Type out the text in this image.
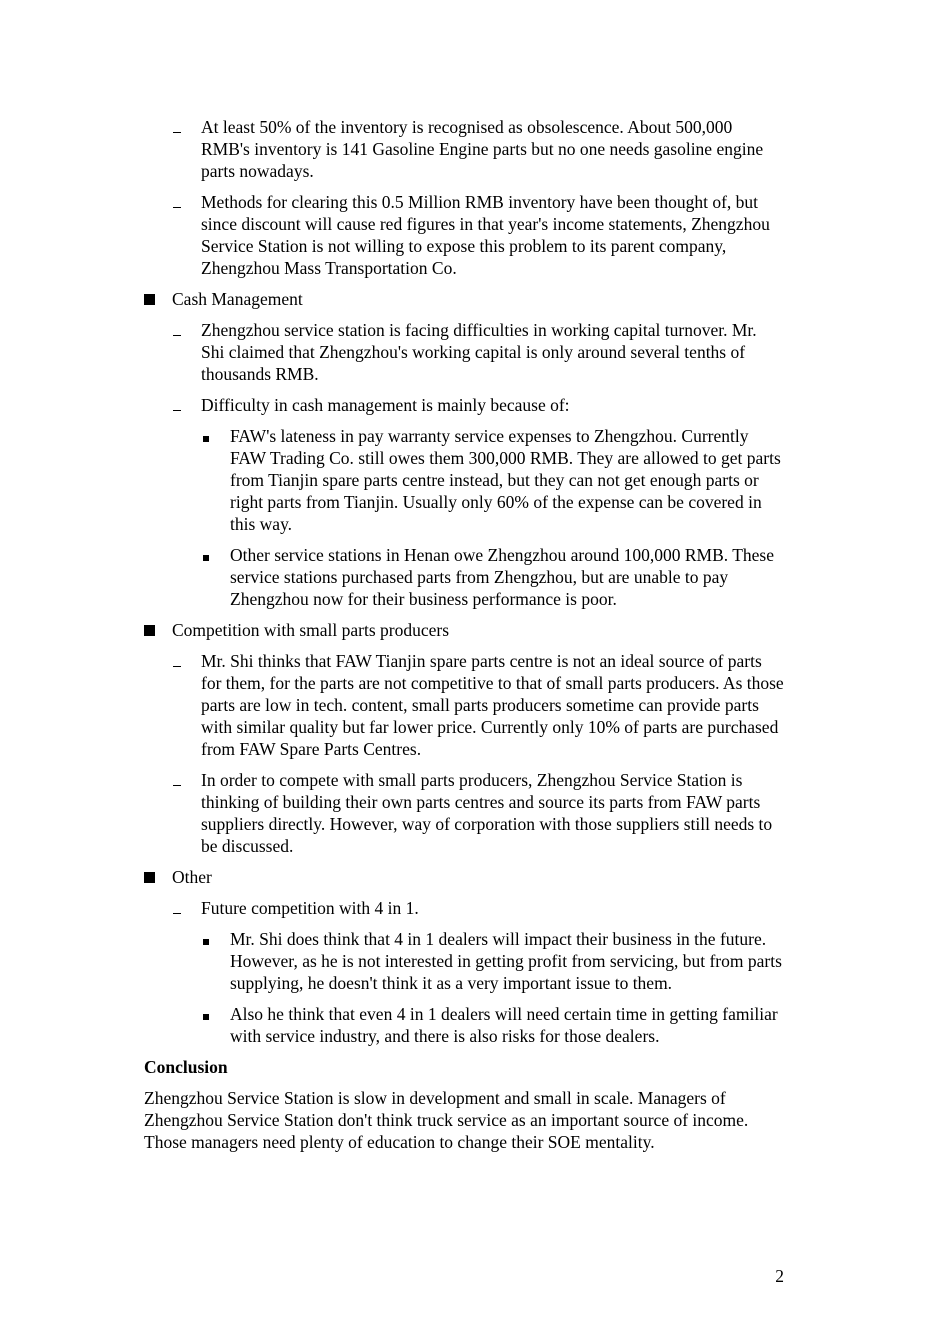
At least 50% of the inventory is recognised as obsolescence. About 500,000 RMB's inventory is 141 Gasoline Engine parts but no one needs gasoline engine parts nowadays.
Methods for clearing this 0.5 Million RMB inventory have been thought of, but since discount will cause red figures in that year's income statements, Zhengzhou Service Station is not willing to expose this problem to its parent company, Zhengzhou Mass Transportation Co.
Cash Management
Zhengzhou service station is facing difficulties in working capital turnover. Mr. Shi claimed that Zhengzhou's working capital is only around several tenths of thousands RMB.
Difficulty in cash management is mainly because of:
FAW's lateness in pay warranty service expenses to Zhengzhou. Currently FAW Trading Co. still owes them 300,000 RMB. They are allowed to get parts from Tianjin spare parts centre instead, but they can not get enough parts or right parts from Tianjin. Usually only 60% of the expense can be covered in this way.
Other service stations in Henan owe Zhengzhou around 100,000 RMB. These service stations purchased parts from Zhengzhou, but are unable to pay Zhengzhou now for their business performance is poor.
Competition with small parts producers
Mr. Shi thinks that FAW Tianjin spare parts centre is not an ideal source of parts for them, for the parts are not competitive to that of small parts producers. As those parts are low in tech. content, small parts producers sometime can provide parts with similar quality but far lower price. Currently only 10% of parts are purchased from FAW Spare Parts Centres.
In order to compete with small parts producers, Zhengzhou Service Station is thinking of building their own parts centres and source its parts from FAW parts suppliers directly. However, way of corporation with those suppliers still needs to be discussed.
Other
Future competition with 4 in 1.
Mr. Shi does think that 4 in 1 dealers will impact their business in the future. However, as he is not interested in getting profit from servicing, but from parts supplying, he doesn't think it as a very important issue to them.
Also he think that even 4 in 1 dealers will need certain time in getting familiar with service industry, and there is also risks for those dealers.
Conclusion

Zhengzhou Service Station is slow in development and small in scale. Managers of Zhengzhou Service Station don't think truck service as an important source of income. Those managers need plenty of education to change their SOE mentality.

2
